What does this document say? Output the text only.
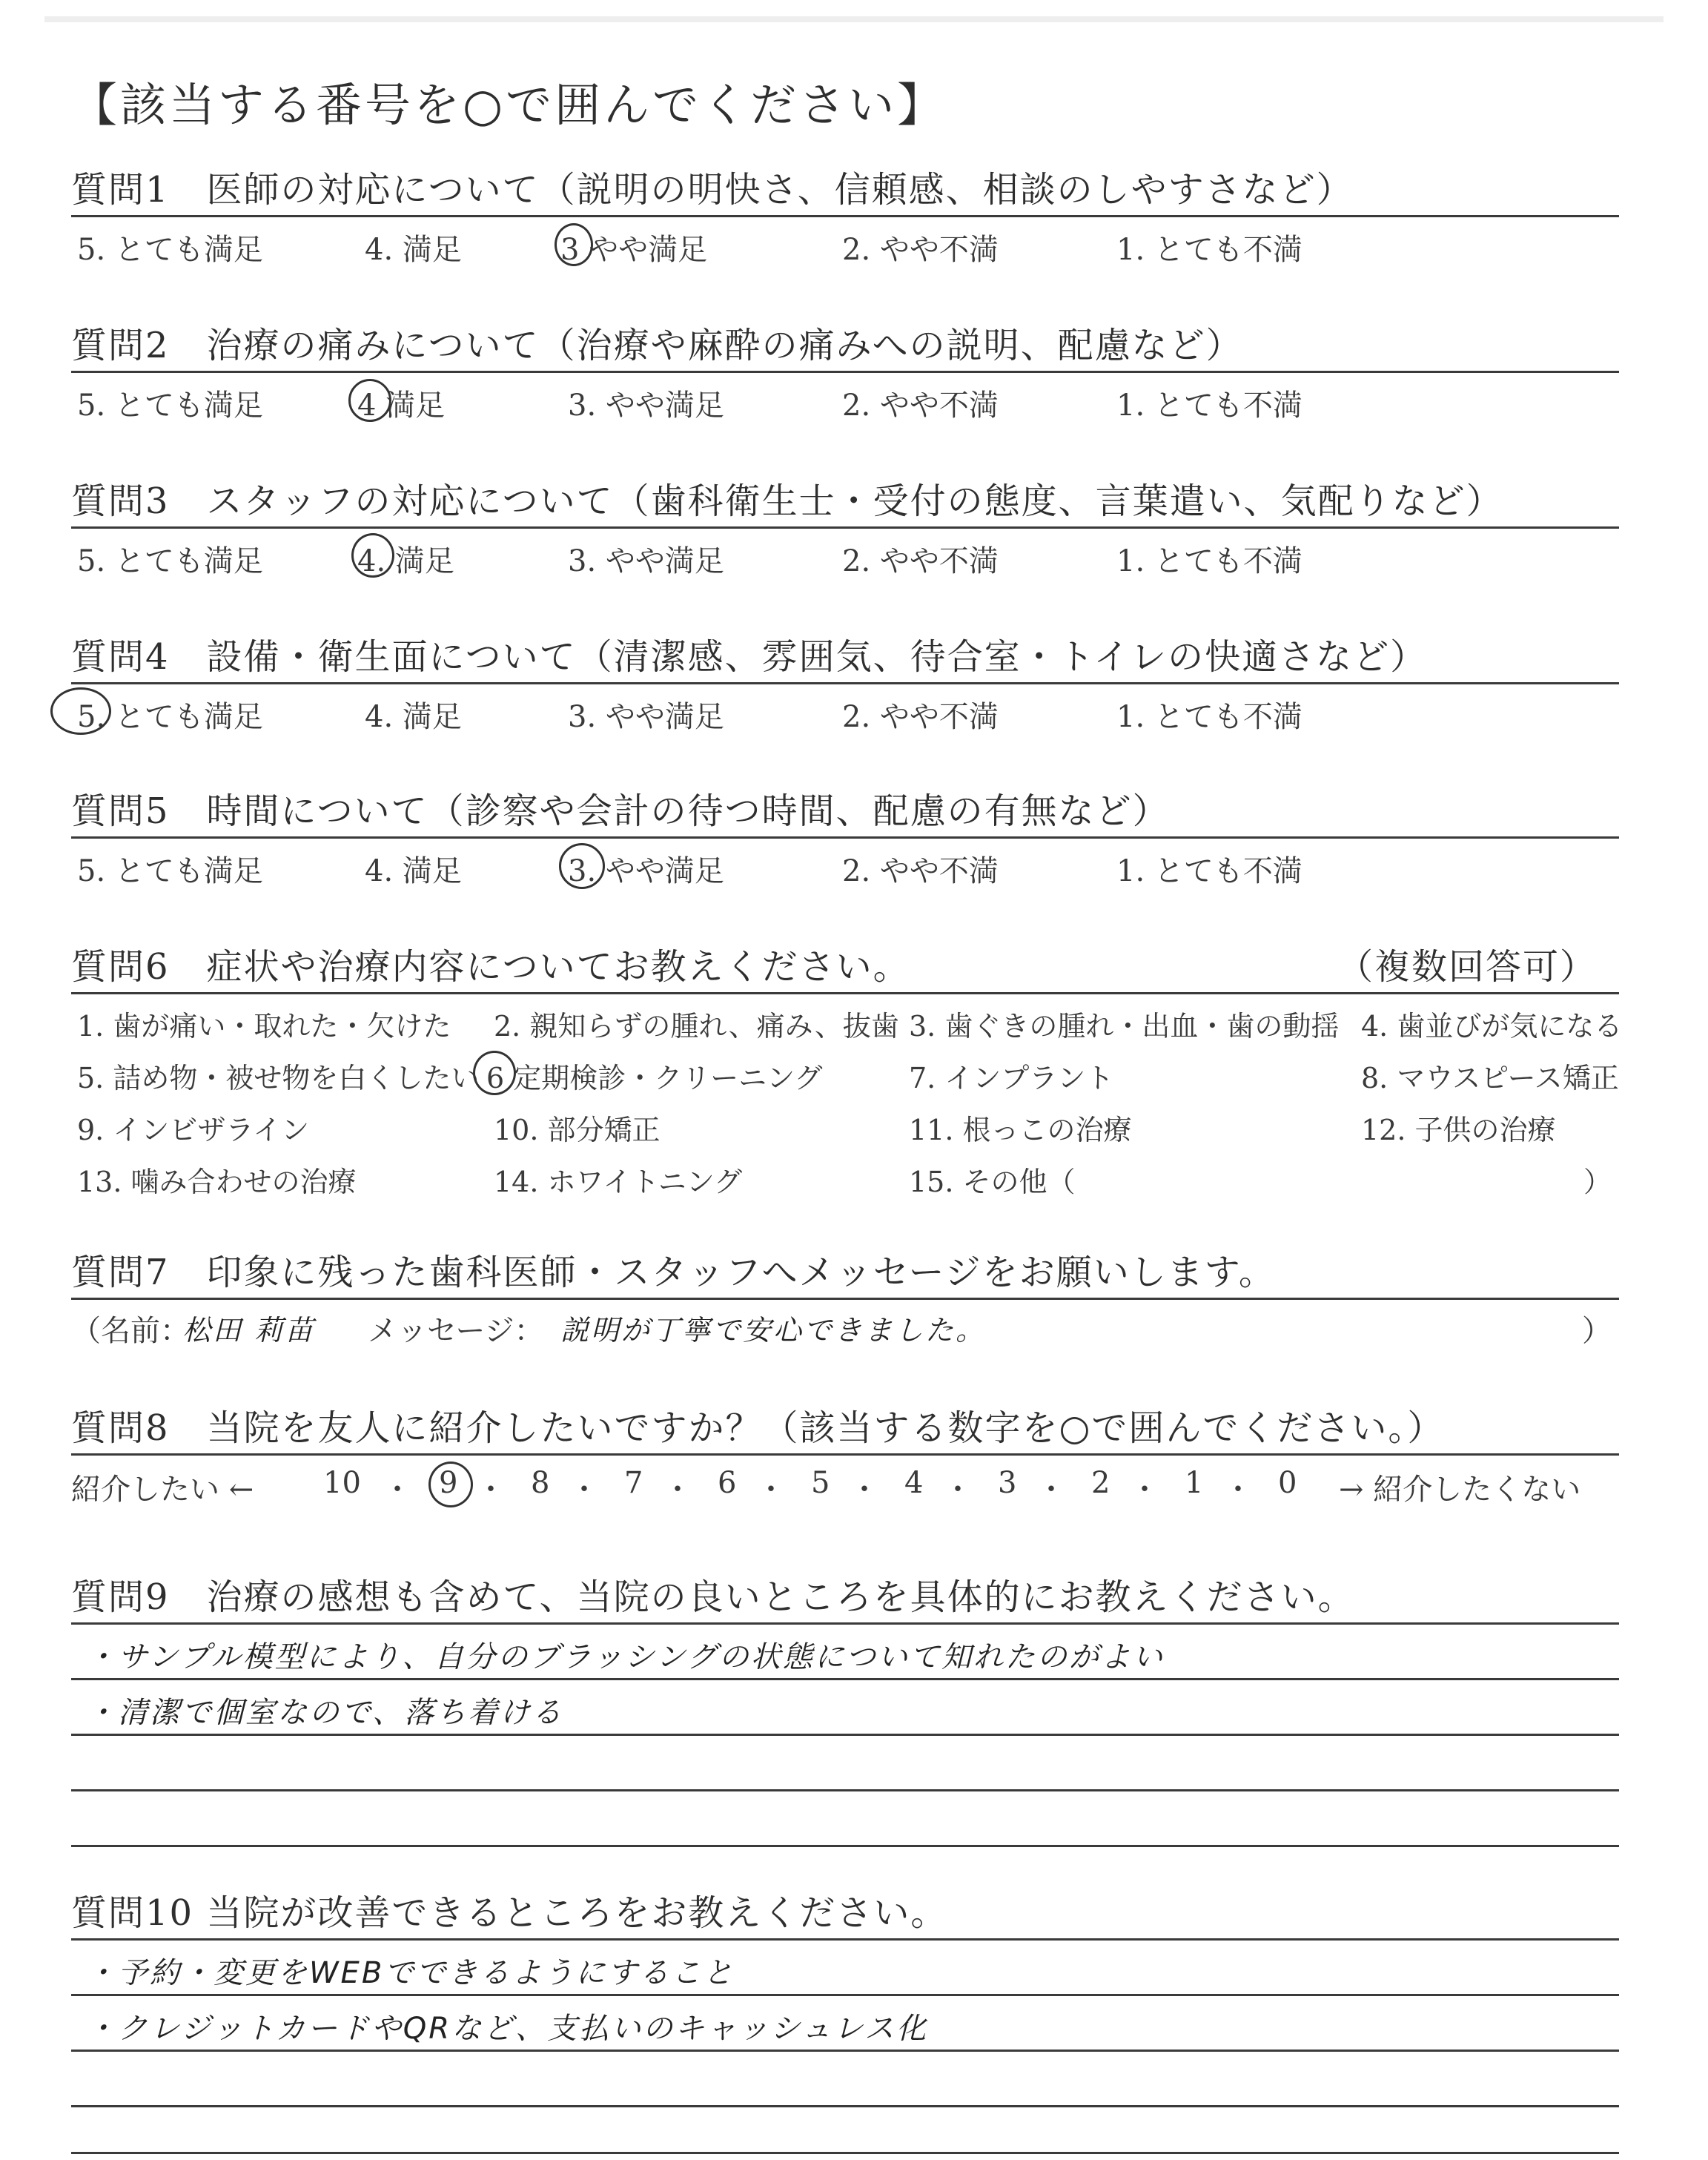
【該当する番号を○で囲んでください】
質問1　医師の対応について（説明の明快さ、信頼感、相談のしやすさなど）
5. とても満足	4. 満足	3 やや満足	2. やや不満	1. とても不満
質問2　治療の痛みについて（治療や麻酔の痛みへの説明、配慮など）
5. とても満足	4 満足	3. やや満足	2. やや不満	1. とても不満
質問3　スタッフの対応について（歯科衛生士・受付の態度、言葉遣い、気配りなど）
5. とても満足	4. 満足	3. やや満足	2. やや不満	1. とても不満
質問4　設備・衛生面について（清潔感、雰囲気、待合室・トイレの快適さなど）
5. とても満足	4. 満足	3. やや満足	2. やや不満	1. とても不満
質問5　時間について（診察や会計の待つ時間、配慮の有無など）
5. とても満足	4. 満足	3. やや満足	2. やや不満	1. とても不満
質問6　症状や治療内容についてお教えください。	（複数回答可）
1. 歯が痛い・取れた・欠けた 2. 親知らずの腫れ、痛み、抜歯 3. 歯ぐきの腫れ・出血・歯の動揺 4. 歯並びが気になる
5. 詰め物・被せ物を白くしたい 6 定期検診・クリーニング	7. インプラント	8. マウスピース矯正
9. インビザライン	10. 部分矯正	11. 根っこの治療	12. 子供の治療
13. 噛み合わせの治療	14. ホワイトニング	15. その他（	）
質問7　印象に残った歯科医師・スタッフへメッセージをお願いします。
（名前：
松田 莉苗 メッセージ： 説明が丁寧で安心できました。	）
質問8　当院を友人に紹介したいですか？（該当する数字を○で囲んでください。）
紹介したい ← 10 ・ 9 ・ 8 ・ 7 ・ 6 ・ 5 ・ 4 ・ 3 ・ 2 ・ 1 ・ 0 → 紹介したくない
質問9　治療の感想も含めて、当院の良いところを具体的にお教えください。
・サンプル模型により、自分のブラッシングの状態について知れたのがよい
・清潔で個室なので、落ち着ける
質問10 当院が改善できるところをお教えください。
・予約・変更をWEBでできるようにすること
・クレジットカードやQRなど、支払いのキャッシュレス化
